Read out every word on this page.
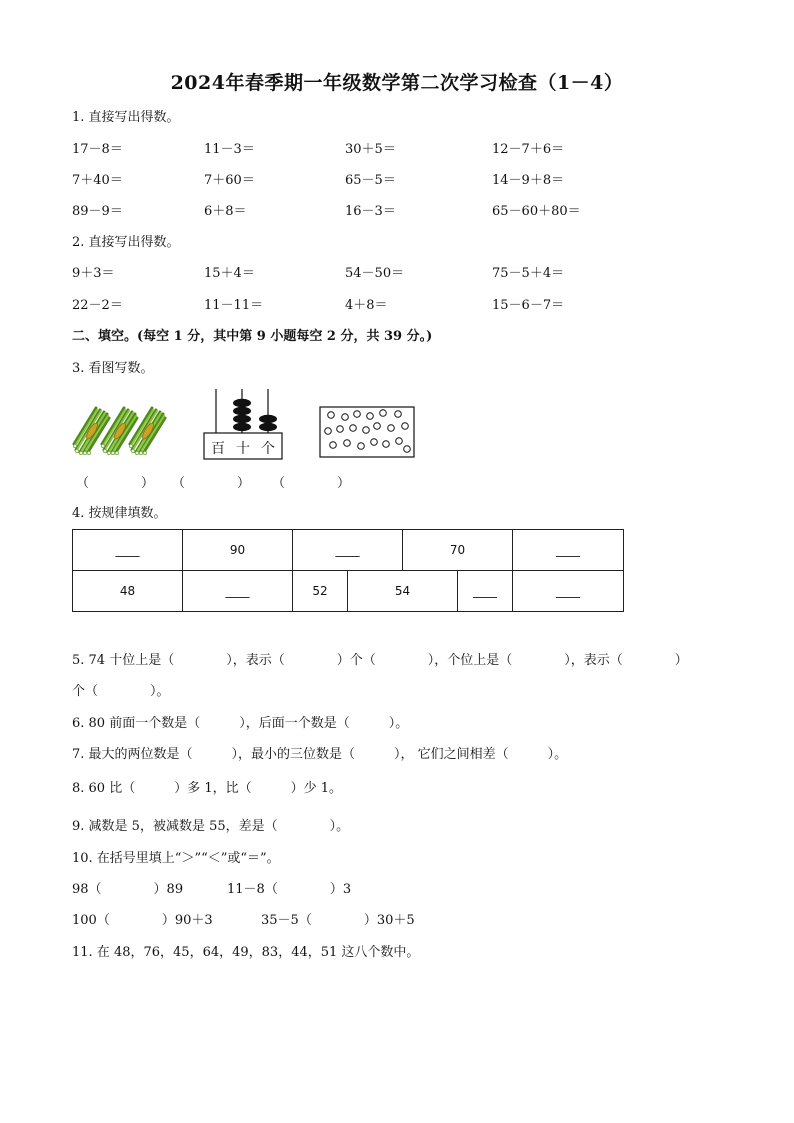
2024年春季期一年级数学第二次学习检查（1－4）
1. 直接写出得数。
17－8＝	11－3＝	30＋5＝	12－7＋6＝
7＋40＝	7＋60＝	65－5＝	14－9＋8＝
89－9＝	6＋8＝	16－3＝	65－60＋80＝
2. 直接写出得数。
9＋3＝	15＋4＝	54－50＝	75－5＋4＝
22－2＝	11－11＝	4＋8＝	15－6－7＝
二、填空。(每空 1 分，其中第 9 小题每空 2 分，共 39 分。)
3. 看图写数。
百 十 个
（　　　　） （　　　　） （　　　　）
4. 按规律填数。
____	90	____		70		____
48	____	52	54		____	____
5. 74 十位上是（　　　　），表示（　　　　）个（　　　　），个位上是（　　　　），表示（　　　　）
个（　　　　）。
6. 80 前面一个数是（　　　），后面一个数是（　　　）。
7. 最大的两位数是（　　　），最小的三位数是（　　　）， 它们之间相差（　　　）。
8. 60 比（　　　）多 1，比（　　　）少 1。
9. 减数是 5，被减数是 55，差是（　　　　）。
10. 在括号里填上“＞”“＜”或“＝”。
98（　　　　）89	11－8（　　　　）3
100（　　　　）90＋3	35－5（　　　　）30＋5
11. 在 48，76，45，64，49，83，44，51 这八个数中。
